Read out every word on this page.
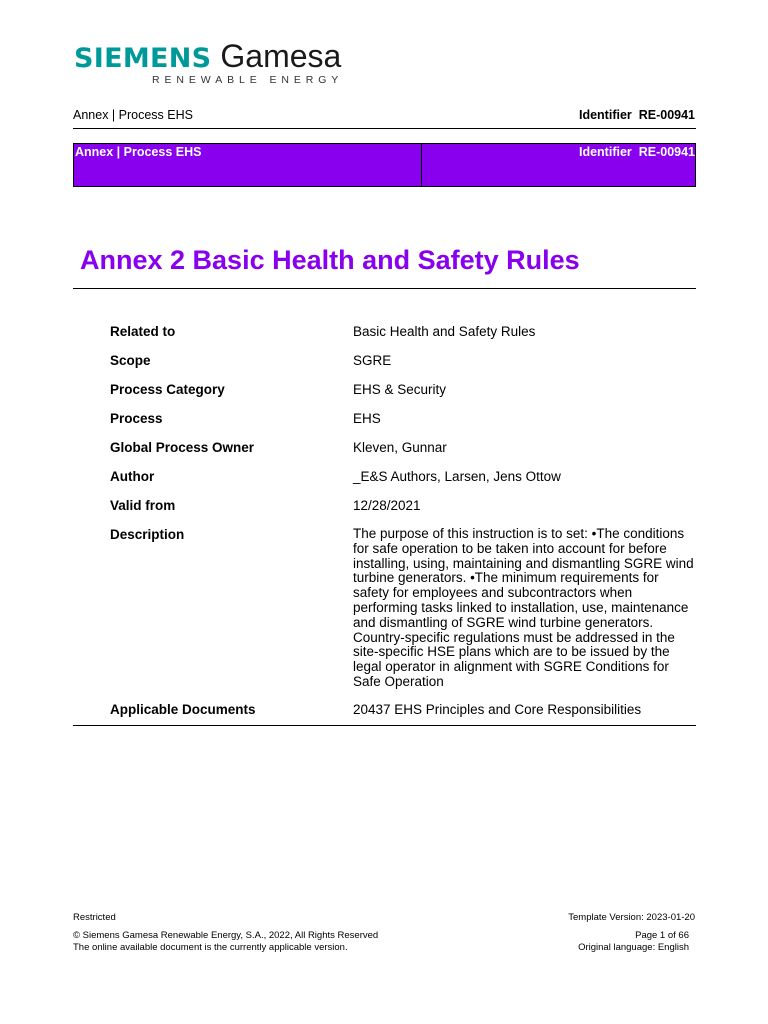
SIEMENS Gamesa
RENEWABLE ENERGY
Annex | Process EHS	Identifier  RE-00941
Annex | Process EHS	Identifier  RE-00941
Annex 2 Basic Health and Safety Rules
Related to	Basic Health and Safety Rules
Scope	SGRE
Process Category	EHS & Security
Process	EHS
Global Process Owner	Kleven, Gunnar
Author	_E&S Authors, Larsen, Jens Ottow
Valid from	12/28/2021
Description	The purpose of this instruction is to set: •The conditions
for safe operation to be taken into account for before
installing, using, maintaining and dismantling SGRE wind
turbine generators. •The minimum requirements for
safety for employees and subcontractors when
performing tasks linked to installation, use, maintenance
and dismantling of SGRE wind turbine generators.
Country-specific regulations must be addressed in the
site-specific HSE plans which are to be issued by the
legal operator in alignment with SGRE Conditions for
Safe Operation
Applicable Documents	20437 EHS Principles and Core Responsibilities
Restricted
© Siemens Gamesa Renewable Energy, S.A., 2022, All Rights Reserved
The online available document is the currently applicable version.
Template Version: 2023-01-20
Page 1 of 66
Original language: English
